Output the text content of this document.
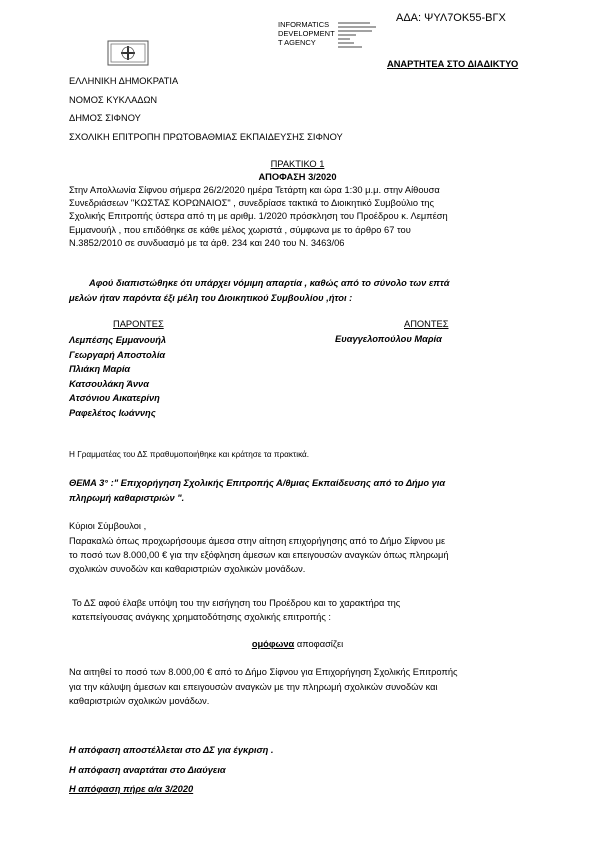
ΑΔΑ: ΨΥΛ7ΟΚ55-ΒΓΧ
INFORMATICS
DEVELOPMENT
T AGENCY
ΑΝΑΡΤΗΤΕΑ ΣΤΟ ΔΙΑΔΙΚΤΥΟ
ΕΛΛΗΝΙΚΗ ΔΗΜΟΚΡΑΤΙΑ
ΝΟΜΟΣ ΚΥΚΛΑΔΩΝ
ΔΗΜΟΣ ΣΙΦΝΟΥ
ΣΧΟΛΙΚΗ ΕΠΙΤΡΟΠΗ ΠΡΩΤΟΒΑΘΜΙΑΣ ΕΚΠΑΙΔΕΥΣΗΣ ΣΙΦΝΟΥ
ΠΡΑΚΤΙΚΟ 1
ΑΠΟΦΑΣΗ 3/2020
Στην Απολλωνία Σίφνου σήμερα 26/2/2020 ημέρα Τετάρτη και ώρα 1:30 μ.μ. στην Αίθουσα
Συνεδριάσεων "ΚΩΣΤΑΣ ΚΟΡΩΝΑΙΟΣ" , συνεδρίασε τακτικά το Διοικητικό Συμβούλιο της
Σχολικής Επιτροπής ύστερα από τη με αριθμ. 1/2020 πρόσκληση του Προέδρου κ. Λεμπέση
Εμμανουήλ , που επιδόθηκε σε κάθε μέλος χωριστά , σύμφωνα με το άρθρο 67 του
Ν.3852/2010 σε συνδυασμό με τα άρθ. 234 και 240 του Ν. 3463/06
Αφού διαπιστώθηκε ότι υπάρχει νόμιμη απαρτία , καθώς από το σύνολο των επτά
μελών ήταν παρόντα έξι μέλη του Διοικητικού Συμβουλίου ,ήτοι :
ΠΑΡΟΝΤΕΣ	ΑΠΟΝΤΕΣ
Λεμπέσης Εμμανουήλ
Γεωργαρή Αποστολία
Πλιάκη Μαρία
Κατσουλάκη Άννα
Ατσόνιου Αικατερίνη
Ραφελέτος Ιωάννης
Ευαγγελοπούλου Μαρία
Η Γραμματέας του ΔΣ πραθυμοποιήθηκε και κράτησε τα πρακτικά.
ΘΕΜΑ 3° :" Επιχορήγηση Σχολικής Επιτροπής Α/θμιας Εκπαίδευσης από το Δήμο για
πληρωμή καθαριστριών ".
Κύριοι Σύμβουλοι ,
Παρακαλώ όπως προχωρήσουμε άμεσα στην αίτηση επιχορήγησης από το Δήμο Σίφνου με
το ποσό των 8.000,00 € για την εξόφληση άμεσων και επειγουσών αναγκών όπως πληρωμή
σχολικών συνοδών και καθαριστριών σχολικών μονάδων.
Το ΔΣ αφού έλαβε υπόψη του την εισήγηση του Προέδρου και το χαρακτήρα της
κατεπείγουσας ανάγκης χρηματοδότησης σχολικής επιτροπής :
ομόφωνα αποφασίζει
Να αιτηθεί το ποσό των 8.000,00 € από το Δήμο Σίφνου για Επιχορήγηση Σχολικής Επιτροπής
για την κάλυψη άμεσων και επειγουσών αναγκών με την πληρωμή σχολικών συνοδών και
καθαριστριών σχολικών μονάδων.
Η απόφαση αποστέλλεται στο ΔΣ για έγκριση .
Η απόφαση αναρτάται στο Διαύγεια
Η απόφαση πήρε α/α 3/2020
